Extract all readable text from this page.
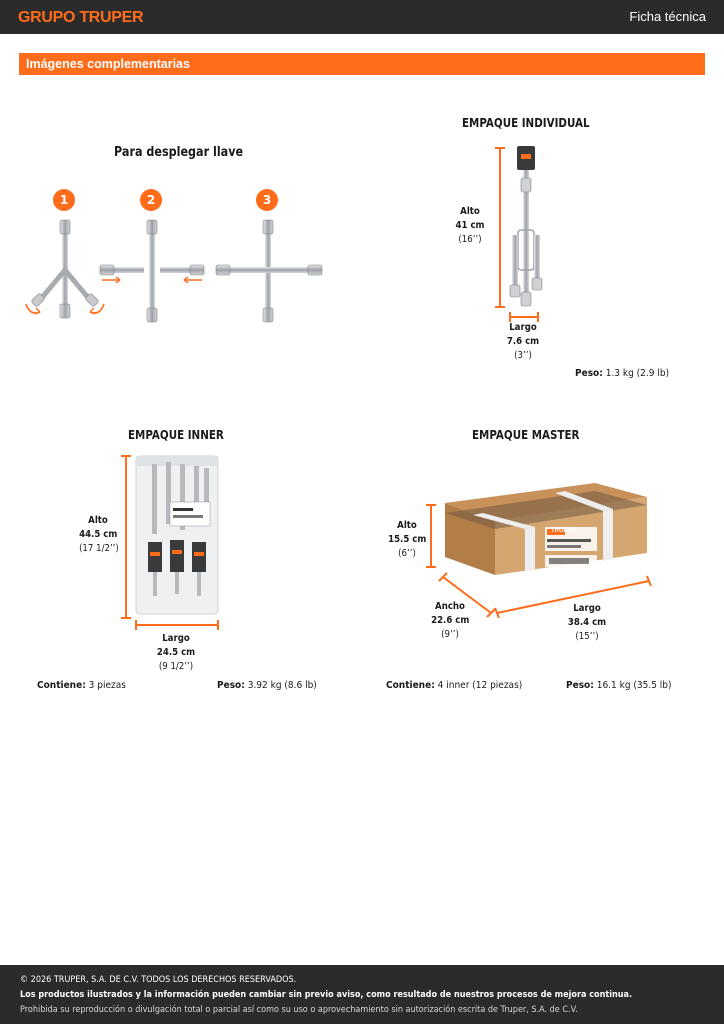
GRUPO TRUPER	Ficha técnica
Imágenes complementarias
Para desplegar llave
1	2	3
EMPAQUE INDIVIDUAL
Alto
41 cm
(16’’)
Largo
7.6 cm
(3’’)
Peso: 1.3 kg (2.9 lb)
EMPAQUE INNER
Alto
44.5 cm
(17 1/2’’)
Largo
24.5 cm
(9 1/2’’)
Contiene: 3 piezas	Peso: 3.92 kg (8.6 lb)
EMPAQUE MASTER
TRUPER
15484
Alto
15.5 cm
(6’’)
Ancho
22.6 cm
(9’’)
Largo
38.4 cm
(15’’)
Contiene: 4 inner (12 piezas)	Peso: 16.1 kg (35.5 lb)
© 2026 TRUPER, S.A. DE C.V. TODOS LOS DERECHOS RESERVADOS.
Los productos ilustrados y la información pueden cambiar sin previo aviso, como resultado de nuestros procesos de mejora continua.
Prohibida su reproducción o divulgación total o parcial así como su uso o aprovechamiento sin autorización escrita de Truper, S.A. de C.V.
